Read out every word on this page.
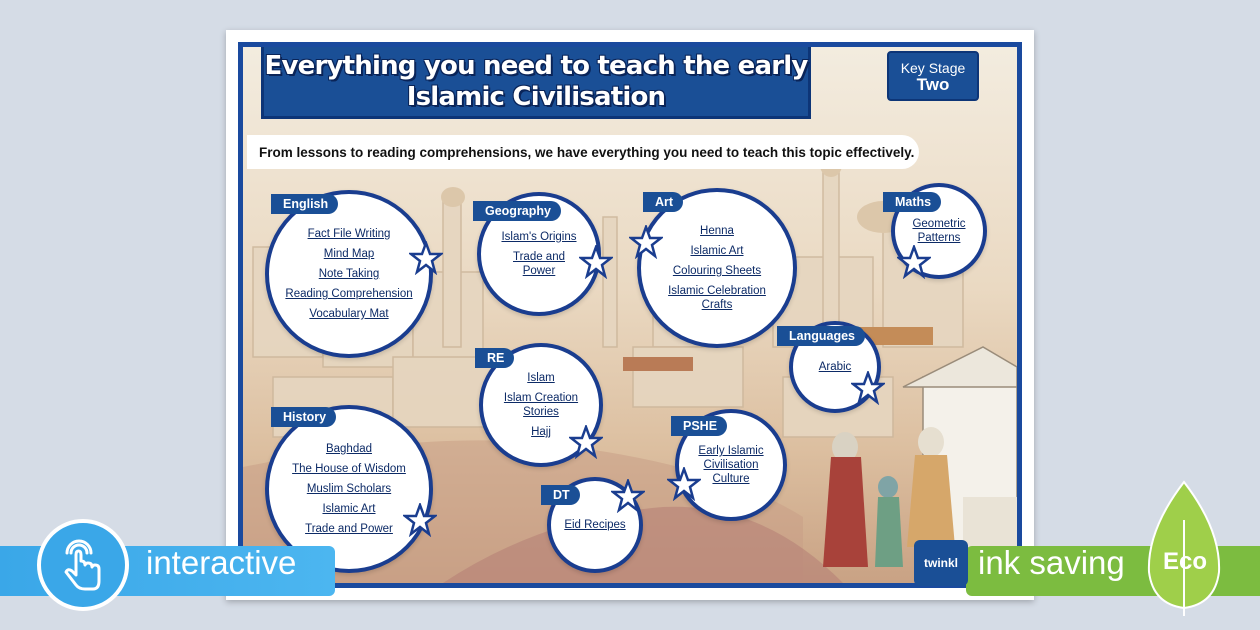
Everything you need to teach the early
Islamic Civilisation
Key Stage
Two
From lessons to reading comprehensions, we have everything you need to teach this topic effectively.
Fact File Writing
Mind Map
Note Taking
Reading Comprehension
Vocabulary Mat
English
Islam's Origins
Trade and Power
Geography
Henna
Islamic Art
Colouring Sheets
Islamic Celebration Crafts
Art
Geometric Patterns
Maths
Arabic
Languages
Islam
Islam Creation Stories
Hajj
RE
Baghdad
The House of Wisdom
Muslim Scholars
Islamic Art
Trade and Power
History
Early Islamic Civilisation Culture
PSHE
Eid Recipes
DT
twinkl
interactive	ink saving Eco
